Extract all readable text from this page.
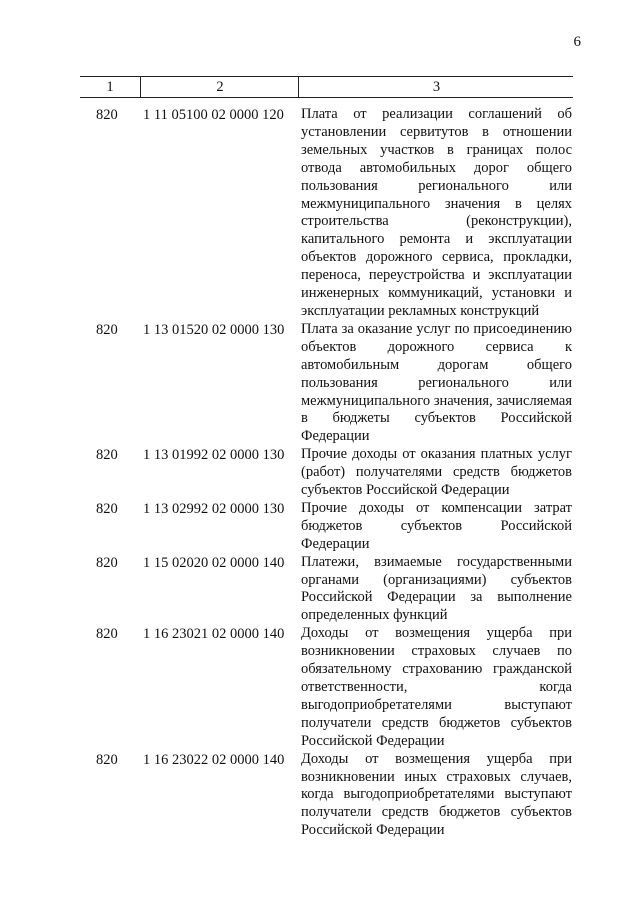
6
1	2	3
820	1 11 05100 02 0000 120	Плата от реализации соглашений об установлении сервитутов в отношении земельных участков в границах полос отвода автомобильных дорог общего пользования регионального или межмуниципального значения в целях строительства (реконструкции), капитального ремонта и эксплуатации объектов дорожного сервиса, прокладки, переноса, переустройства и эксплуатации инженерных коммуникаций, установки и эксплуатации рекламных конструкций
820	1 13 01520 02 0000 130	Плата за оказание услуг по присоединению объектов дорожного сервиса к автомобильным дорогам общего пользования регионального или межмуниципального значения, зачисляемая в бюджеты субъектов Российской Федерации
820	1 13 01992 02 0000 130	Прочие доходы от оказания платных услуг (работ) получателями средств бюджетов субъектов Российской Федерации
820	1 13 02992 02 0000 130	Прочие доходы от компенсации затрат бюджетов субъектов Российской Федерации
820	1 15 02020 02 0000 140	Платежи, взимаемые государственными органами (организациями) субъектов Российской Федерации за выполнение определенных функций
820	1 16 23021 02 0000 140	Доходы от возмещения ущерба при возникновении страховых случаев по обязательному страхованию гражданской ответственности, когда выгодоприобретателями выступают получатели средств бюджетов субъектов Российской Федерации
820	1 16 23022 02 0000 140	Доходы от возмещения ущерба при возникновении иных страховых случаев, когда выгодоприобретателями выступают получатели средств бюджетов субъектов Российской Федерации
